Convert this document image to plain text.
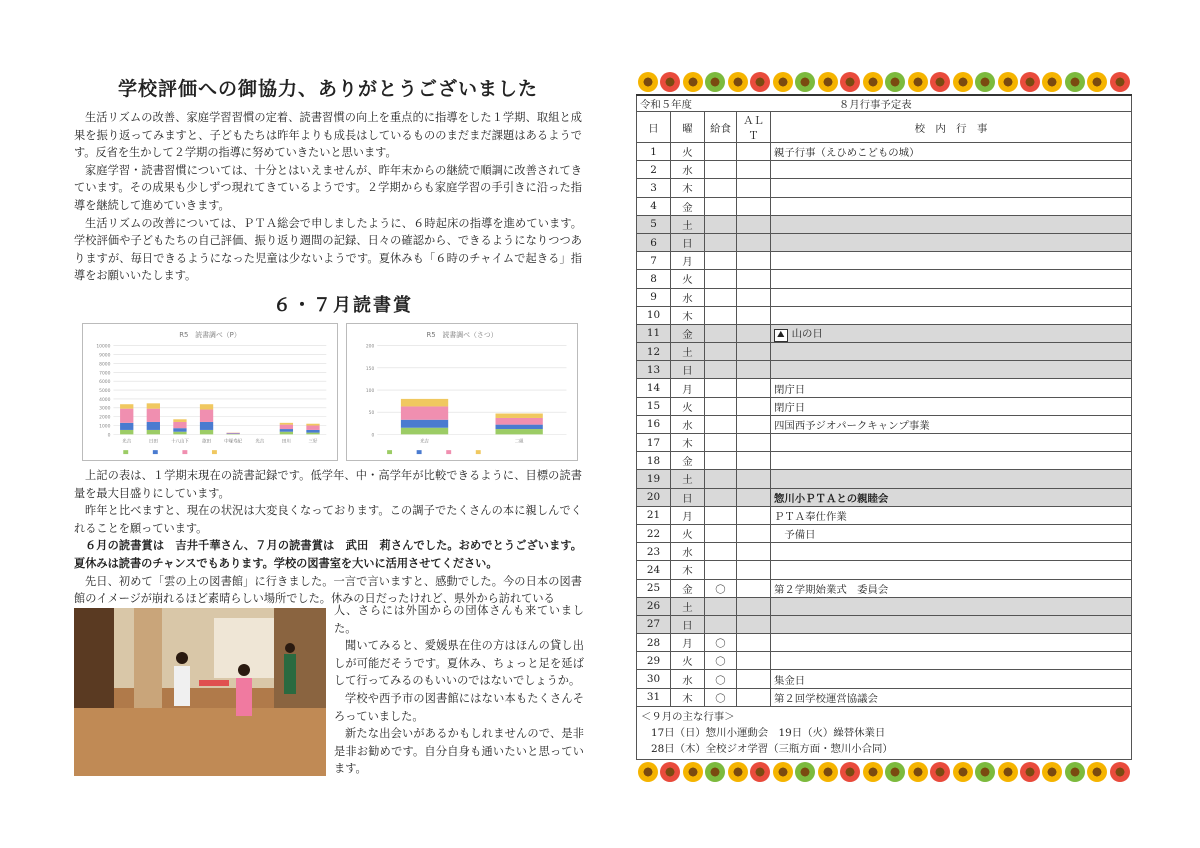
学校評価への御協力、ありがとうございました

生活リズムの改善、家庭学習習慣の定着、読書習慣の向上を重点的に指導をした１学期、取組と成果を振り返ってみますと、子どもたちは昨年よりも成長はしているもののまだまだ課題はあるようです。反省を生かして２学期の指導に努めていきたいと思います。

家庭学習・読書習慣については、十分とはいえませんが、昨年末からの継続で順調に改善されてきています。その成果も少しずつ現れてきているようです。２学期からも家庭学習の手引きに沿った指導を継続して進めていきます。

生活リズムの改善については、ＰＴＡ総会で申しましたように、６時起床の指導を進めています。学校評価や子どもたちの自己評価、振り返り週間の記録、日々の確認から、できるようになりつつありますが、毎日できるようになった児童は少ないようです。夏休みも「６時のチャイムで起きる」指導をお願いいたします。

６・７月読書賞
R5　読書調べ（P）
0
1000
2000
3000
4000
5000
6000
7000
8000
9000
10000
光吉	日田	十八山下	欲田	中塚寿紀	光吉	田川	三好
R5　読書調べ（さつ）
0
50
100
150
200
光吉	二組

上記の表は、１学期末現在の読書記録です。低学年、中・高学年が比較できるように、目標の読書量を最大目盛りにしています。

昨年と比べますと、現在の状況は大変良くなっております。この調子でたくさんの本に親しんでくれることを願っています。

６月の読書賞は　吉井千華さん、７月の読書賞は　武田　莉さんでした。おめでとうございます。夏休みは読書のチャンスでもあります。学校の図書室を大いに活用させてください。

先日、初めて「雲の上の図書館」に行きました。一言で言いますと、感動でした。今の日本の図書館のイメージが崩れるほど素晴らしい場所でした。休みの日だったけれど、県外から訪れている

人、さらには外国からの団体さんも来ていました。

聞いてみると、愛媛県在住の方はほんの貸し出しが可能だそうです。夏休み、ちょっと足を延ばして行ってみるのもいいのではないでしょうか。

学校や西予市の図書館にはない本もたくさんそろっていました。

新たな出会いがあるかもしれませんので、是非是非お勧めです。自分自身も通いたいと思っています。

令和５年度			８月行事予定表	
日	曜	給食	ＡＬＴ	校　内　行　事
1	火			親子行事（えひめこどもの城）
2	水			
3	木			
4	金			
5	土			
6	日			
7	月			
8	火			
9	水			
10	木			
11	金			⛰ 山の日
12	土			
13	日			
14	月			閉庁日
15	火			閉庁日
16	水			四国西予ジオパークキャンプ事業
17	木			
18	金			
19	土			
20	日			惣川小ＰＴＡとの親睦会
21	月			ＰＴＡ奉仕作業
22	火			　予備日
23	水			
24	木			
25	金	〇		第２学期始業式　委員会
26	土			
27	日			
28	月	〇		
29	火	〇		
30	水	〇		集金日
31	木	〇		第２回学校運営協議会
＜９月の主な行事＞
17日（日）惣川小運動会　19日（火）繰替休業日
28日（木）全校ジオ学習（三瓶方面・惣川小合同）
